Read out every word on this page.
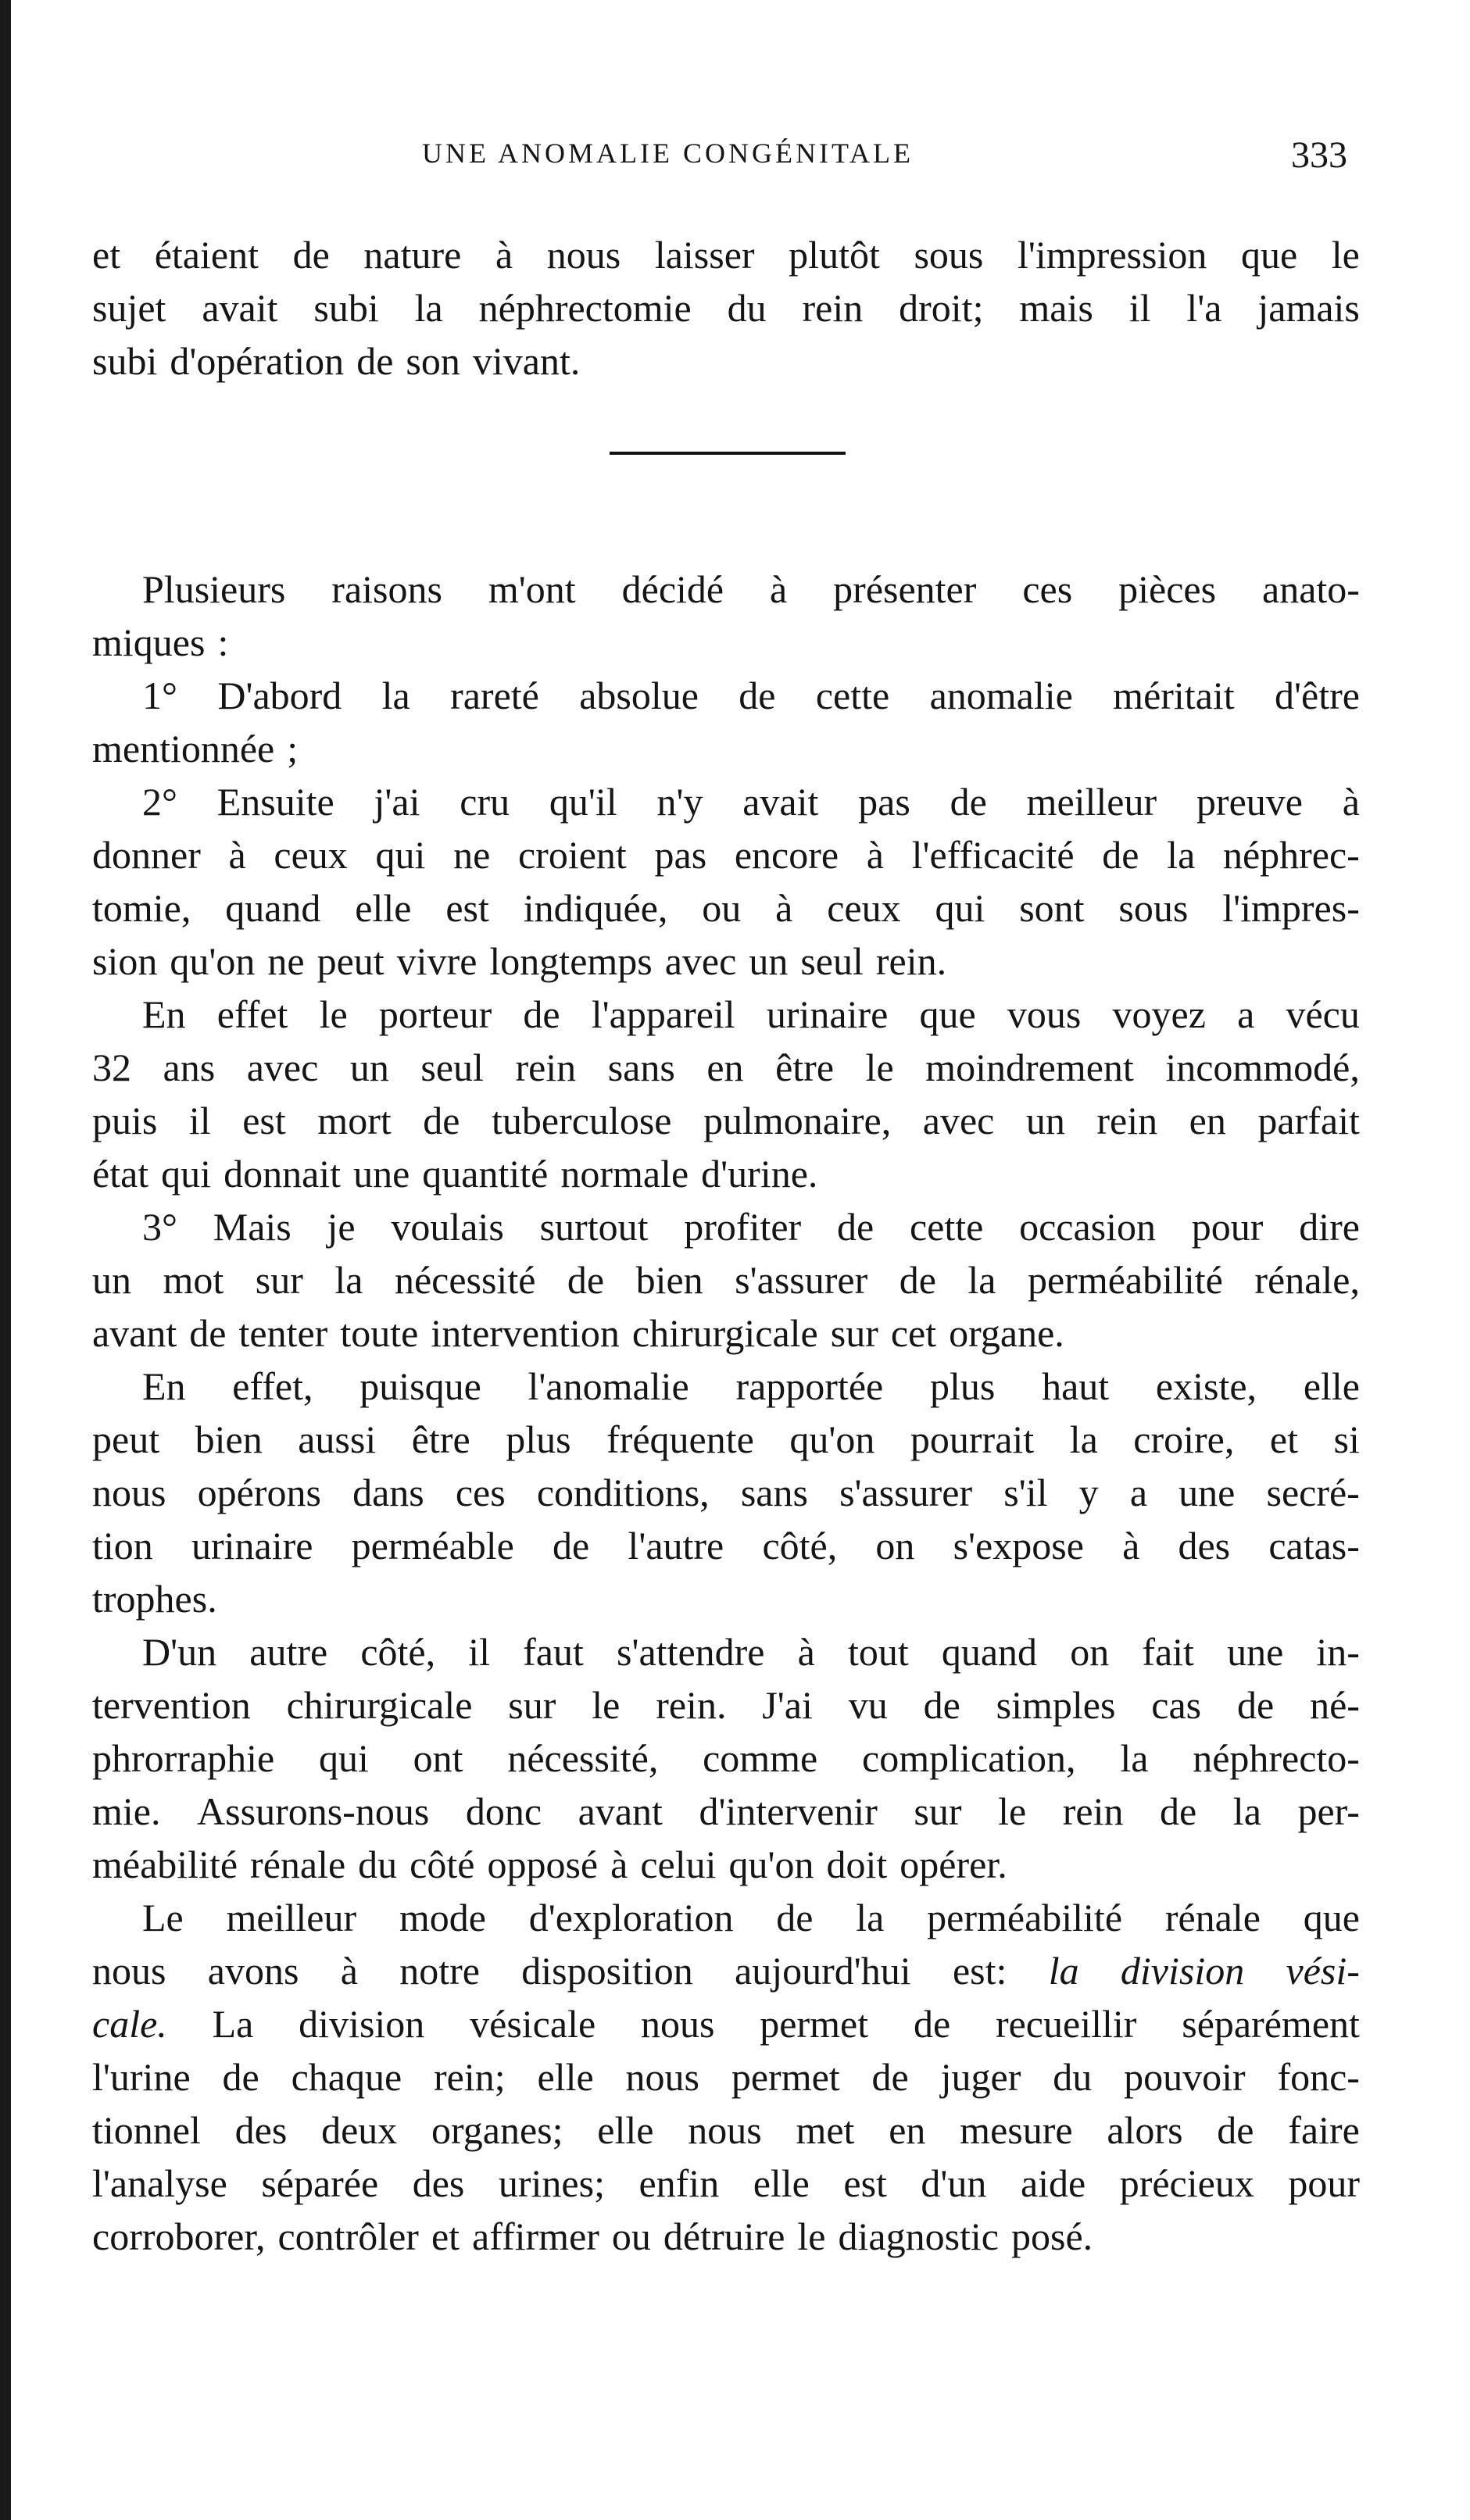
UNE ANOMALIE CONGÉNITALE	333
et étaient de nature à nous laisser plutôt sous l'impression que le
sujet avait subi la néphrectomie du rein droit; mais il l'a jamais
subi d'opération de son vivant.
Plusieurs raisons m'ont décidé à présenter ces pièces anato-
miques :
1° D'abord la rareté absolue de cette anomalie méritait d'être
mentionnée ;
2° Ensuite j'ai cru qu'il n'y avait pas de meilleur preuve à
donner à ceux qui ne croient pas encore à l'efficacité de la néphrec-
tomie, quand elle est indiquée, ou à ceux qui sont sous l'impres-
sion qu'on ne peut vivre longtemps avec un seul rein.
En effet le porteur de l'appareil urinaire que vous voyez a vécu
32 ans avec un seul rein sans en être le moindrement incommodé,
puis il est mort de tuberculose pulmonaire, avec un rein en parfait
état qui donnait une quantité normale d'urine.
3° Mais je voulais surtout profiter de cette occasion pour dire
un mot sur la nécessité de bien s'assurer de la perméabilité rénale,
avant de tenter toute intervention chirurgicale sur cet organe.
En effet, puisque l'anomalie rapportée plus haut existe, elle
peut bien aussi être plus fréquente qu'on pourrait la croire, et si
nous opérons dans ces conditions, sans s'assurer s'il y a une secré-
tion urinaire perméable de l'autre côté, on s'expose à des catas-
trophes.
D'un autre côté, il faut s'attendre à tout quand on fait une in-
tervention chirurgicale sur le rein. J'ai vu de simples cas de né-
phrorraphie qui ont nécessité, comme complication, la néphrecto-
mie. Assurons-nous donc avant d'intervenir sur le rein de la per-
méabilité rénale du côté opposé à celui qu'on doit opérer.
Le meilleur mode d'exploration de la perméabilité rénale que
nous avons à notre disposition aujourd'hui est: la division vési-
cale. La division vésicale nous permet de recueillir séparément
l'urine de chaque rein; elle nous permet de juger du pouvoir fonc-
tionnel des deux organes; elle nous met en mesure alors de faire
l'analyse séparée des urines; enfin elle est d'un aide précieux pour
corroborer, contrôler et affirmer ou détruire le diagnostic posé.
